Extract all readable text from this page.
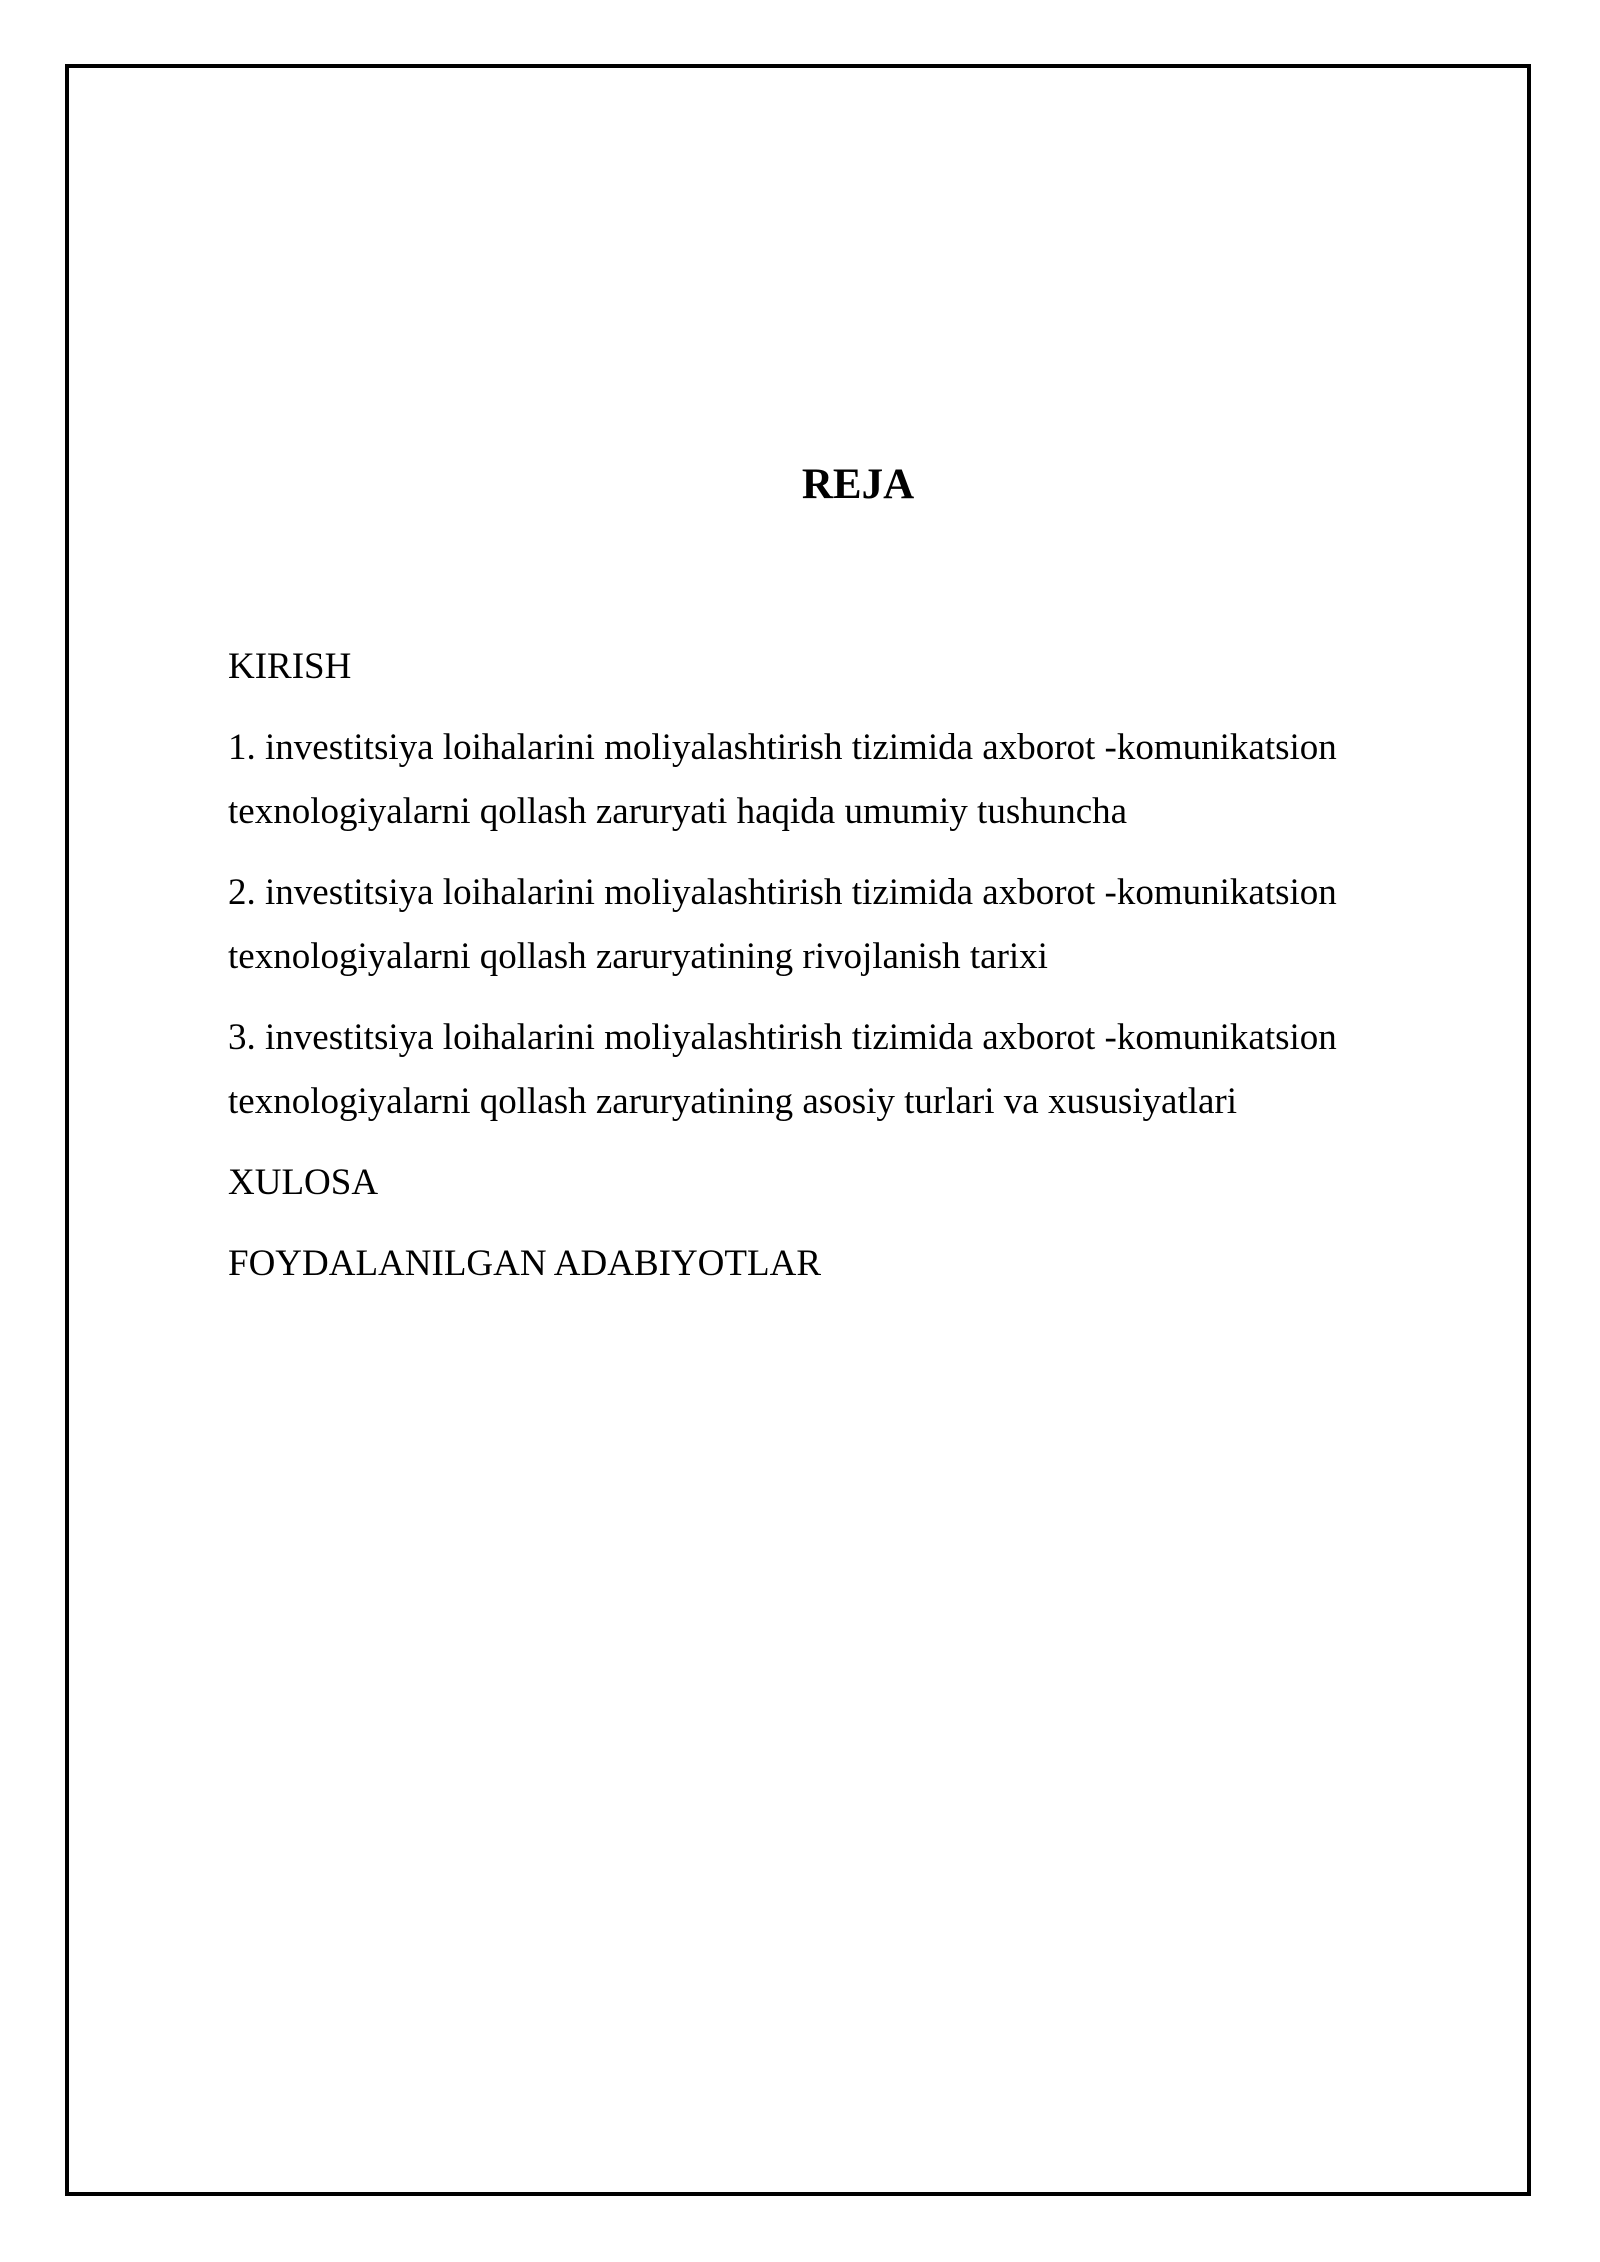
REJA

KIRISH

1. investitsiya loihalarini moliyalashtirish tizimida axborot -komunikatsion texnologiyalarni qollash zaruryati haqida umumiy tushuncha

2. investitsiya loihalarini moliyalashtirish tizimida axborot -komunikatsion texnologiyalarni qollash zaruryatining rivojlanish tarixi

3. investitsiya loihalarini moliyalashtirish tizimida axborot -komunikatsion texnologiyalarni qollash zaruryatining asosiy turlari va xususiyatlari

XULOSA

FOYDALANILGAN ADABIYOTLAR
